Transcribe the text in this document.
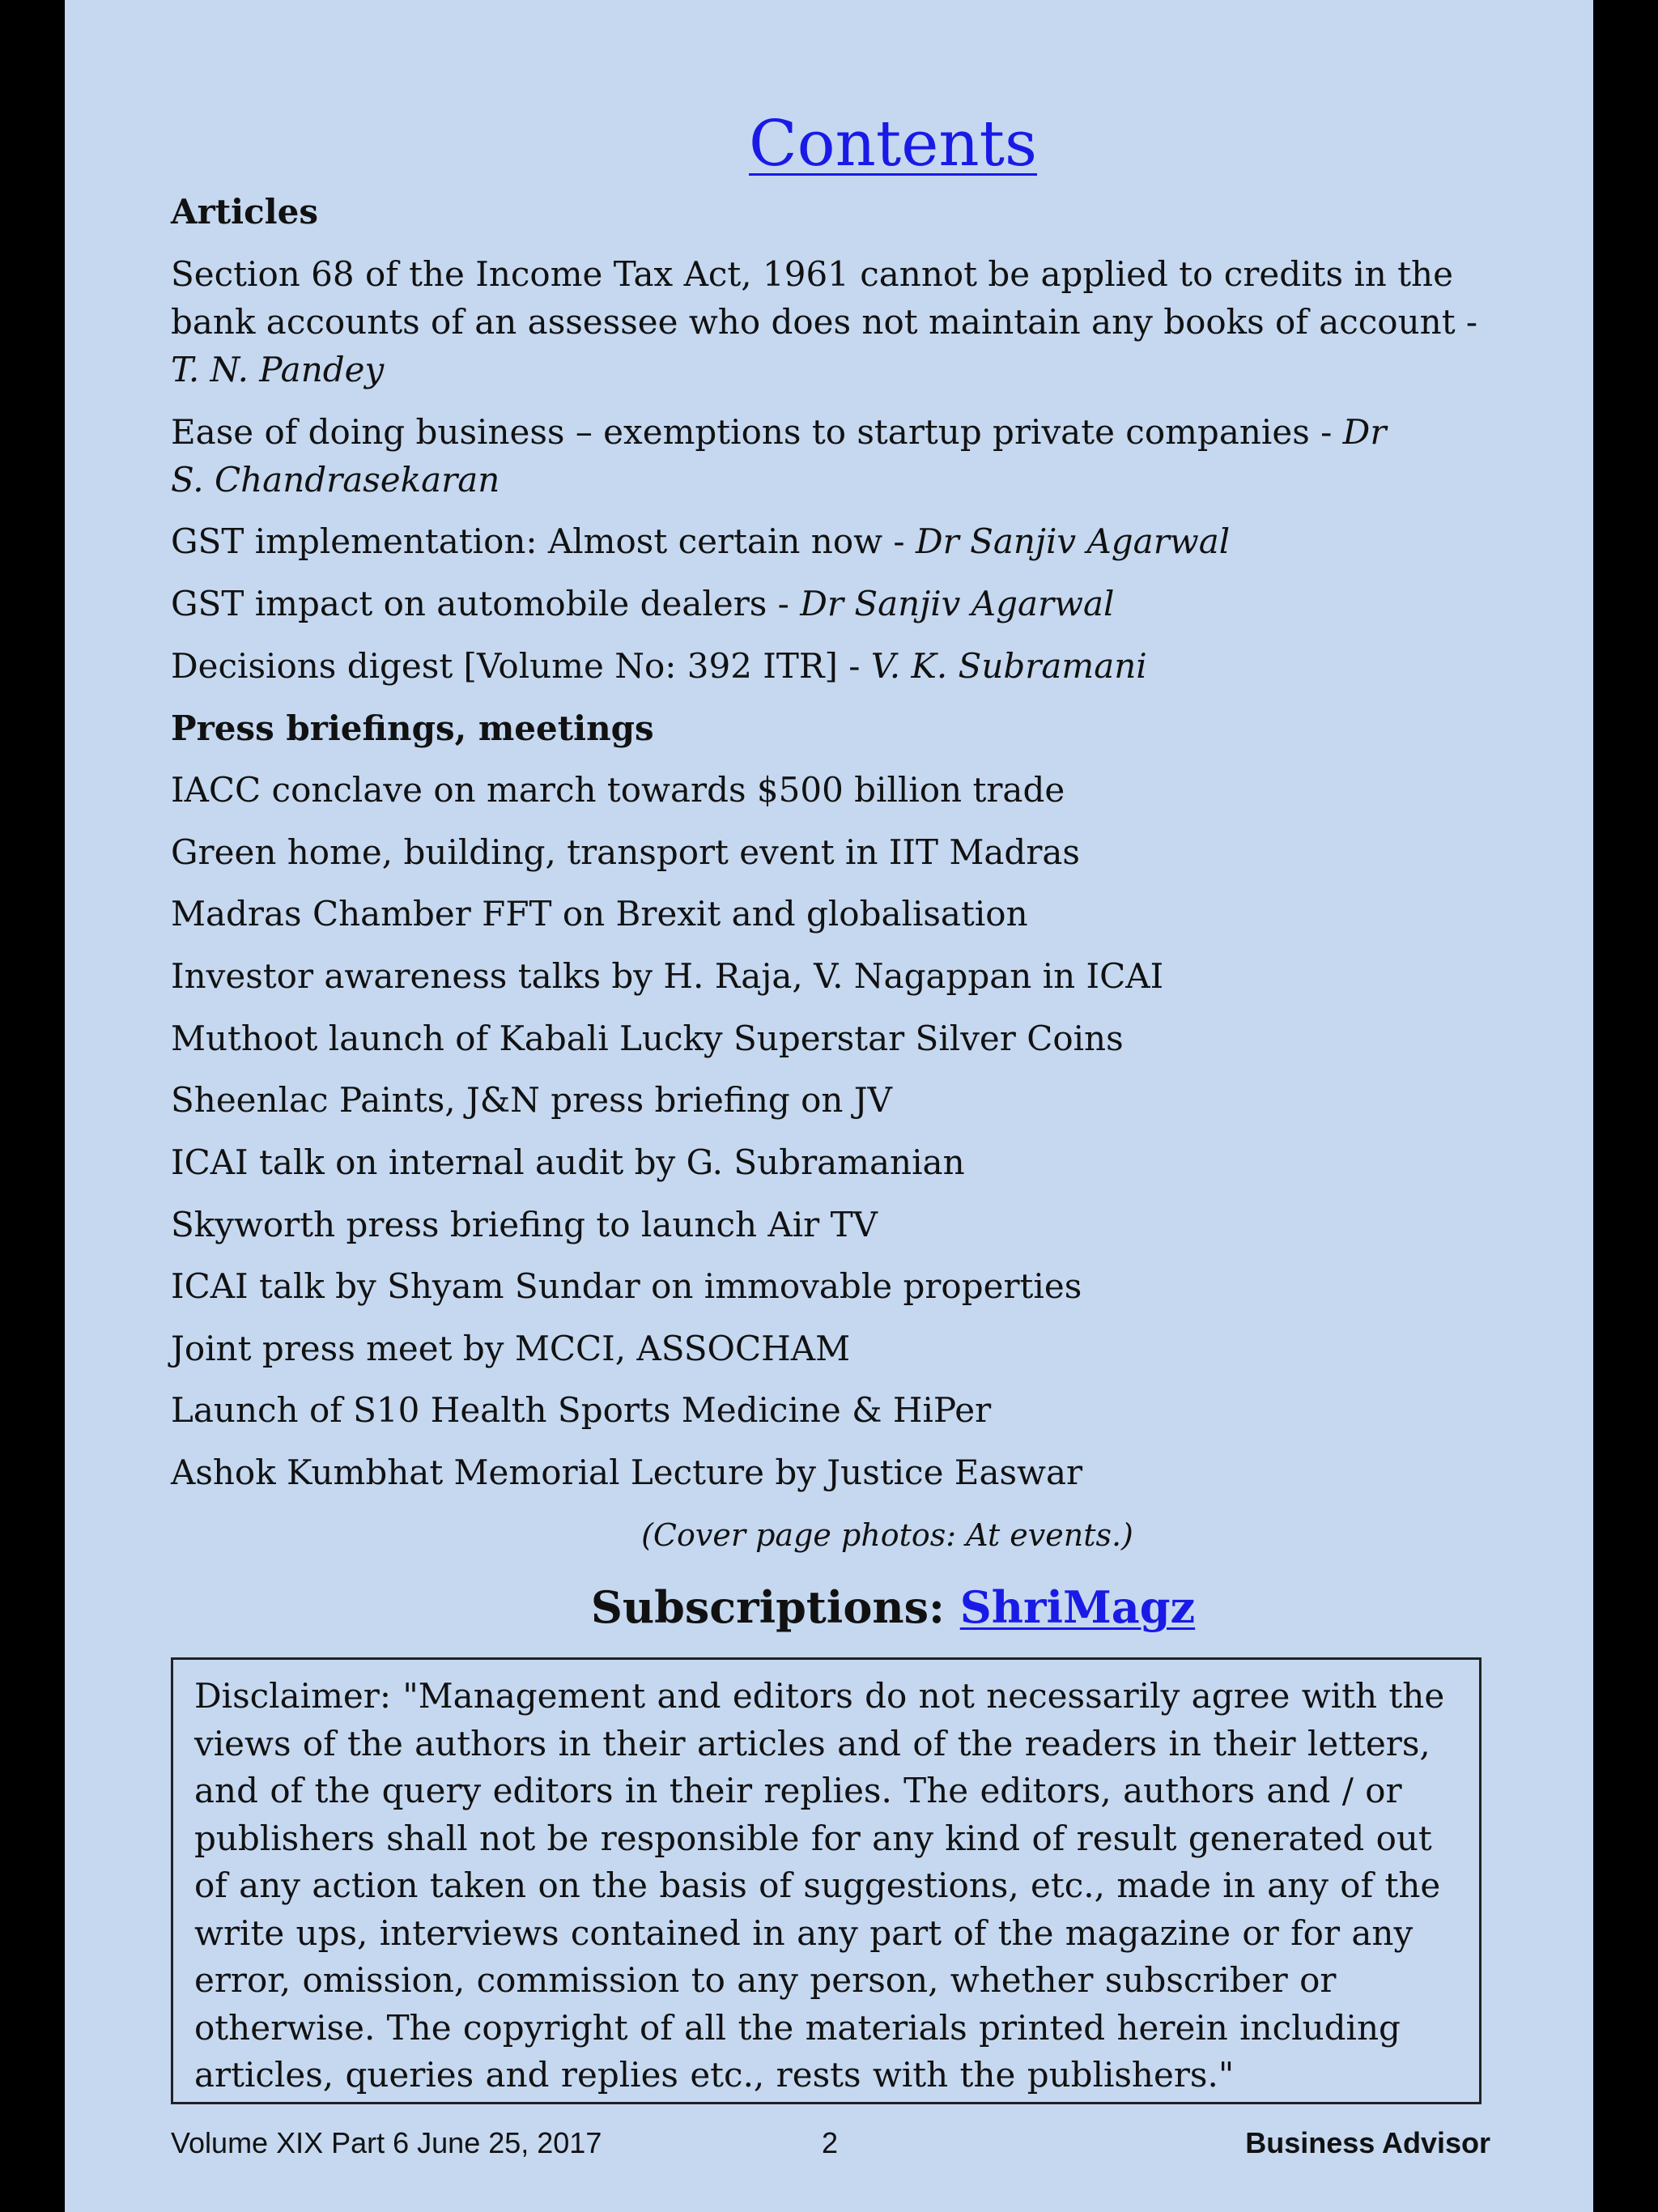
Contents
Articles
Section 68 of the Income Tax Act, 1961 cannot be applied to credits in the bank accounts of an assessee who does not maintain any books of account - T. N. Pandey
Ease of doing business – exemptions to startup private companies - Dr S. Chandrasekaran
GST implementation: Almost certain now - Dr Sanjiv Agarwal
GST impact on automobile dealers - Dr Sanjiv Agarwal
Decisions digest [Volume No: 392 ITR] - V. K. Subramani
Press briefings, meetings
IACC conclave on march towards $500 billion trade
Green home, building, transport event in IIT Madras
Madras Chamber FFT on Brexit and globalisation
Investor awareness talks by H. Raja, V. Nagappan in ICAI
Muthoot launch of Kabali Lucky Superstar Silver Coins
Sheenlac Paints, J&N press briefing on JV
ICAI talk on internal audit by G. Subramanian
Skyworth press briefing to launch Air TV
ICAI talk by Shyam Sundar on immovable properties
Joint press meet by MCCI, ASSOCHAM
Launch of S10 Health Sports Medicine & HiPer
Ashok Kumbhat Memorial Lecture by Justice Easwar
(Cover page photos: At events.)
Subscriptions: ShriMagz
Disclaimer: "Management and editors do not necessarily agree with the views of the authors in their articles and of the readers in their letters, and of the query editors in their replies. The editors, authors and / or publishers shall not be responsible for any kind of result generated out of any action taken on the basis of suggestions, etc., made in any of the write ups, interviews contained in any part of the magazine or for any error, omission, commission to any person, whether subscriber or otherwise. The copyright of all the materials printed herein including articles, queries and replies etc., rests with the publishers."
Volume XIX Part 6 June 25, 2017	2	Business Advisor
